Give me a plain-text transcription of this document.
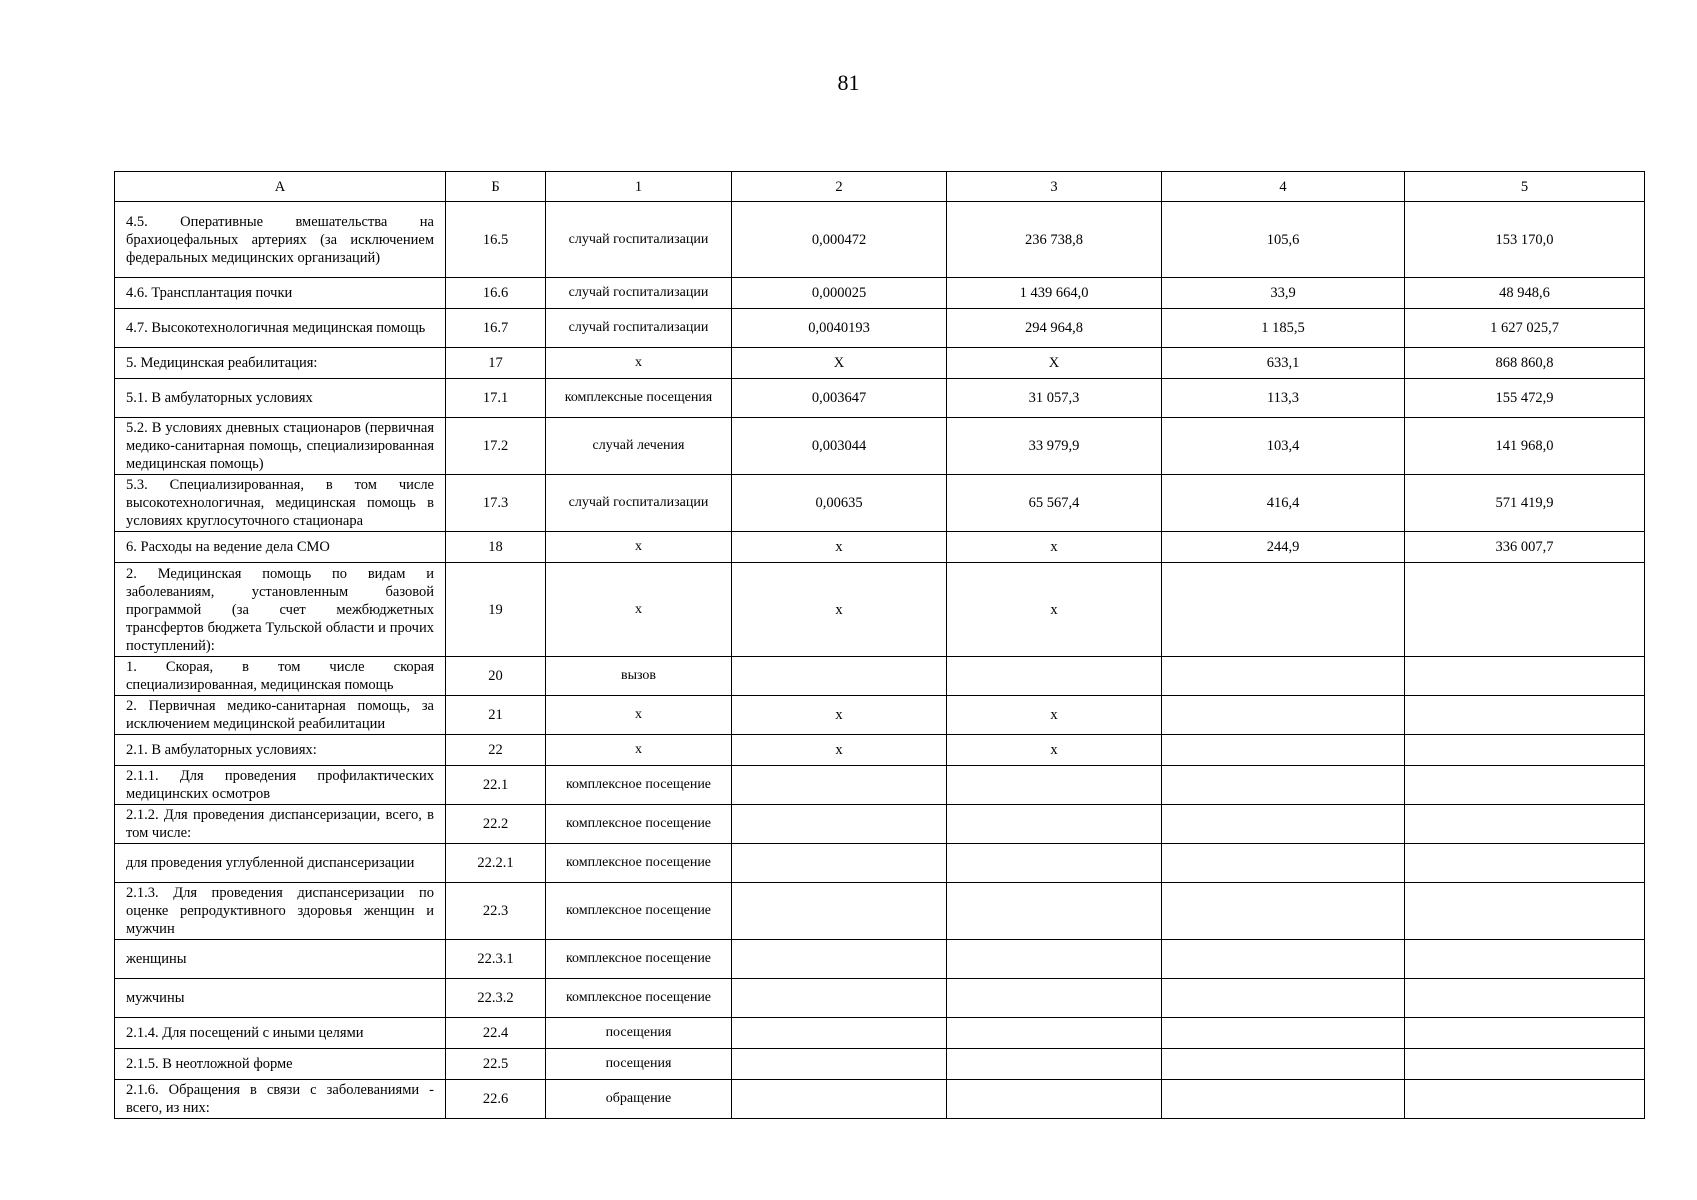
81
А	Б	1	2	3	4	5
4.5. Оперативные вмешательства на брахиоцефальных артериях (за исключением федеральных медицинских организаций)	16.5	случай госпитализации	0,000472	236 738,8	105,6	153 170,0
4.6. Трансплантация почки	16.6	случай госпитализации	0,000025	1 439 664,0	33,9	48 948,6
4.7. Высокотехнологичная медицинская помощь	16.7	случай госпитализации	0,0040193	294 964,8	1 185,5	1 627 025,7
5. Медицинская реабилитация:	17	х	Х	Х	633,1	868 860,8
5.1. В амбулаторных условиях	17.1	комплексные посещения	0,003647	31 057,3	113,3	155 472,9
5.2. В условиях дневных стационаров (первичная медико-санитарная помощь, специализированная медицинская помощь)	17.2	случай лечения	0,003044	33 979,9	103,4	141 968,0
5.3. Специализированная, в том числе высокотехнологичная, медицинская помощь в условиях круглосуточного стационара	17.3	случай госпитализации	0,00635	65 567,4	416,4	571 419,9
6. Расходы на ведение дела СМО	18	х	х	х	244,9	336 007,7
2. Медицинская помощь по видам и заболеваниям, установленным базовой программой (за счет межбюджетных трансфертов бюджета Тульской области и прочих поступлений):	19	х	х	х		
1. Скорая, в том числе скорая специализированная, медицинская помощь	20	вызов				
2. Первичная медико-санитарная помощь, за исключением медицинской реабилитации	21	х	х	х		
2.1. В амбулаторных условиях:	22	х	х	х		
2.1.1. Для проведения профилактических медицинских осмотров	22.1	комплексное посещение				
2.1.2. Для проведения диспансеризации, всего, в том числе:	22.2	комплексное посещение				
для проведения углубленной диспансеризации	22.2.1	комплексное посещение				
2.1.3. Для проведения диспансеризации по оценке репродуктивного здоровья женщин и мужчин	22.3	комплексное посещение				
женщины	22.3.1	комплексное посещение				
мужчины	22.3.2	комплексное посещение				
2.1.4. Для посещений с иными целями	22.4	посещения				
2.1.5. В неотложной форме	22.5	посещения				
2.1.6. Обращения в связи с заболеваниями - всего, из них:	22.6	обращение				
